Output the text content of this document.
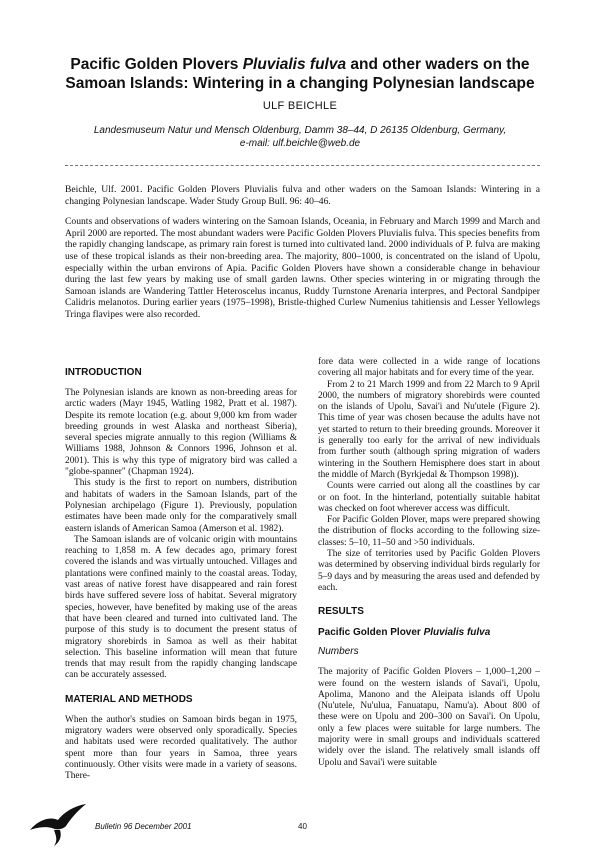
Pacific Golden Plovers Pluvialis fulva and other waders on the Samoan Islands: Wintering in a changing Polynesian landscape
ULF BEICHLE
Landesmuseum Natur und Mensch Oldenburg, Damm 38–44, D 26135 Oldenburg, Germany,
e-mail: ulf.beichle@web.de

Beichle, Ulf. 2001. Pacific Golden Plovers Pluvialis fulva and other waders on the Samoan Islands: Wintering in a changing Polynesian landscape. Wader Study Group Bull. 96: 40–46.

Counts and observations of waders wintering on the Samoan Islands, Oceania, in February and March 1999 and March and April 2000 are reported. The most abundant waders were Pacific Golden Plovers Pluvialis fulva. This species benefits from the rapidly changing landscape, as primary rain forest is turned into cultivated land. 2000 individuals of P. fulva are making use of these tropical islands as their non-breeding area. The majority, 800–1000, is concentrated on the island of Upolu, especially within the urban environs of Apia. Pacific Golden Plovers have shown a considerable change in behaviour during the last few years by making use of small garden lawns. Other species wintering in or migrating through the Samoan islands are Wandering Tattler Heteroscelus incanus, Ruddy Turnstone Arenaria interpres, and Pectoral Sandpiper Calidris melanotos. During earlier years (1975–1998), Bristle-thighed Curlew Numenius tahitiensis and Lesser Yellowlegs Tringa flavipes were also recorded.

INTRODUCTION

The Polynesian islands are known as non-breeding areas for arctic waders (Mayr 1945, Watling 1982, Pratt et al. 1987). Despite its remote location (e.g. about 9,000 km from wader breeding grounds in west Alaska and northeast Siberia), several species migrate annually to this region (Williams & Williams 1988, Johnson & Connors 1996, Johnson et al. 2001). This is why this type of migratory bird was called a "globe-spanner" (Chapman 1924).

This study is the first to report on numbers, distribution and habitats of waders in the Samoan Islands, part of the Polynesian archipelago (Figure 1). Previously, population estimates have been made only for the comparatively small eastern islands of American Samoa (Amerson et al. 1982).

The Samoan islands are of volcanic origin with mountains reaching to 1,858 m. A few decades ago, primary forest covered the islands and was virtually untouched. Villages and plantations were confined mainly to the coastal areas. Today, vast areas of native forest have disappeared and rain forest birds have suffered severe loss of habitat. Several migratory species, however, have benefited by making use of the areas that have been cleared and turned into cultivated land. The purpose of this study is to document the present status of migratory shorebirds in Samoa as well as their habitat selection. This baseline information will mean that future trends that may result from the rapidly changing landscape can be accurately assessed.

MATERIAL AND METHODS

When the author's studies on Samoan birds began in 1975, migratory waders were observed only sporadically. Species and habitats used were recorded qualitatively. The author spent more than four years in Samoa, three years continuously. Other visits were made in a variety of seasons. There-

fore data were collected in a wide range of locations covering all major habitats and for every time of the year.

From 2 to 21 March 1999 and from 22 March to 9 April 2000, the numbers of migratory shorebirds were counted on the islands of Upolu, Savai'i and Nu'utele (Figure 2). This time of year was chosen because the adults have not yet started to return to their breeding grounds. Moreover it is generally too early for the arrival of new individuals from further south (although spring migration of waders wintering in the Southern Hemisphere does start in about the middle of March (Byrkjedal & Thompson 1998)).

Counts were carried out along all the coastlines by car or on foot. In the hinterland, potentially suitable habitat was checked on foot wherever access was difficult.

For Pacific Golden Plover, maps were prepared showing the distribution of flocks according to the following size-classes: 5–10, 11–50 and >50 individuals.

The size of territories used by Pacific Golden Plovers was determined by observing individual birds regularly for 5–9 days and by measuring the areas used and defended by each.

RESULTS
Pacific Golden Plover Pluvialis fulva
Numbers

The majority of Pacific Golden Plovers – 1,000–1,200 – were found on the western islands of Savai'i, Upolu, Apolima, Manono and the Aleipata islands off Upolu (Nu'utele, Nu'ulua, Fanuatapu, Namu'a). About 800 of these were on Upolu and 200–300 on Savai'i. On Upolu, only a few places were suitable for large numbers. The majority were in small groups and individuals scattered widely over the island. The relatively small islands off Upolu and Savai'i were suitable

Bulletin 96 December 2001	40
